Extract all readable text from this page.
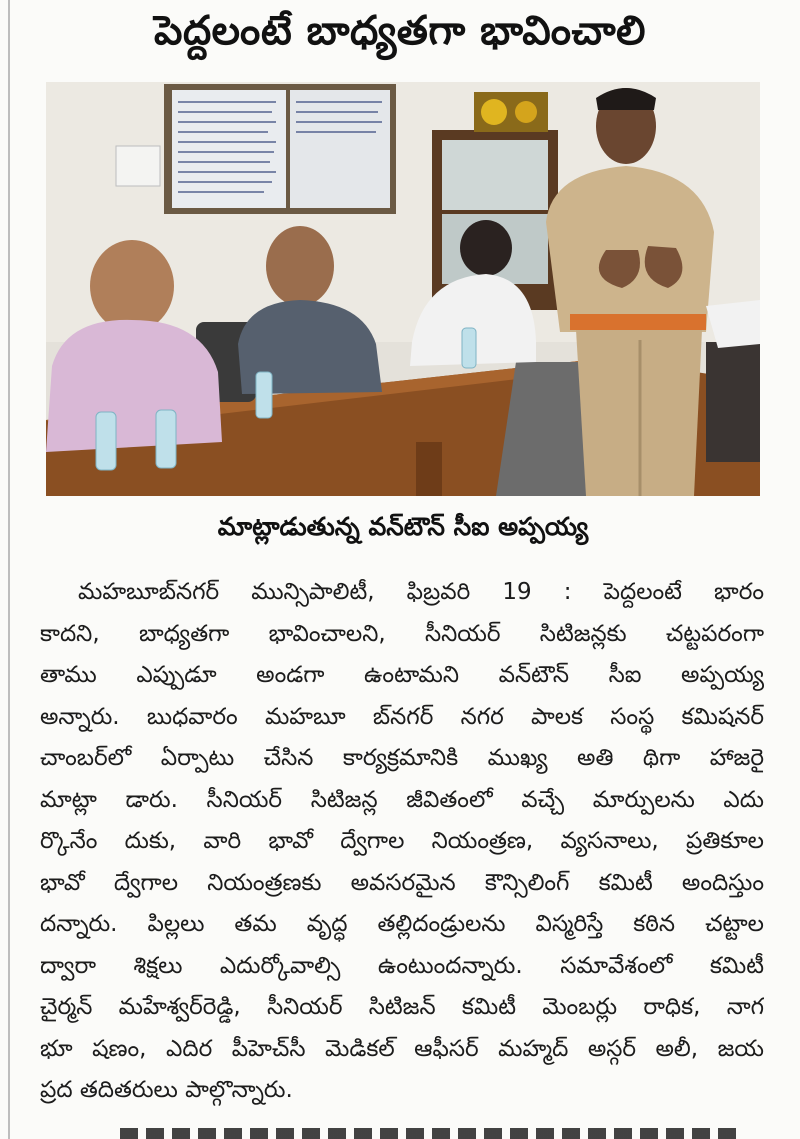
పెద్దలంటే బాధ్యతగా భావించాలి
మాట్లాడుతున్న వన్‌టౌన్‌ సీఐ అప్పయ్య
మహబూబ్‌నగర్‌ మున్సిపాలిటీ, ఫిబ్రవరి 19 : పెద్దలంటే భారం
కాదని, బాధ్యతగా భావించాలని, సీనియర్‌ సిటిజన్లకు చట్టపరంగా
తాము ఎప్పుడూ అండగా ఉంటామని వన్‌టౌన్‌ సీఐ అప్పయ్య
అన్నారు. బుధవారం మహబూ బ్‌నగర్‌ నగర పాలక సంస్థ కమిషనర్‌
చాంబర్‌లో ఏర్పాటు చేసిన కార్యక్రమానికి ముఖ్య అతి థిగా హాజరై
మాట్లా డారు. సీనియర్‌ సిటిజన్ల జీవితంలో వచ్చే మార్పులను ఎదు
ర్కొనేం దుకు, వారి భావో ద్వేగాల నియంత్రణ, వ్యసనాలు, ప్రతికూల
భావో ద్వేగాల నియంత్రణకు అవసరమైన కౌన్సిలింగ్‌ కమిటీ అందిస్తుం
దన్నారు. పిల్లలు తమ వృద్ధ తల్లిదండ్రులను విస్మరిస్తే కఠిన చట్టాల
ద్వారా శిక్షలు ఎదుర్కోవాల్సి ఉంటుందన్నారు. సమావేశంలో కమిటీ
చైర్మన్‌ మహేశ్వర్‌రెడ్డి, సీనియర్‌ సిటిజన్‌ కమిటీ మెంబర్లు రాధిక, నాగ
భూ షణం, ఎదిర పీహెచ్‌సీ మెడికల్‌ ఆఫీసర్‌ మహ్మద్‌ అస్గర్‌ అలీ, జయ
ప్రద తదితరులు పాల్గొన్నారు.
